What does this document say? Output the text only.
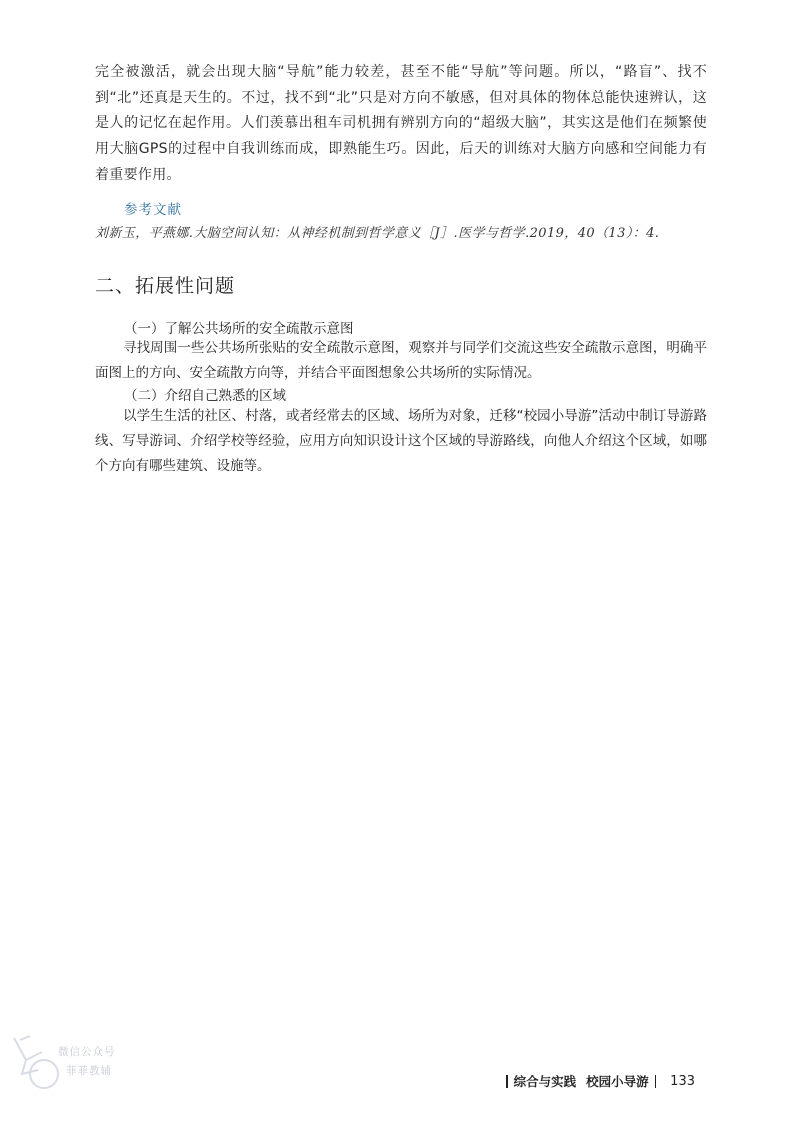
完全被激活，就会出现大脑“导航”能力较差，甚至不能“导航”等问题。所以，“路盲”、找不到“北”还真是天生的。不过，找不到“北”只是对方向不敏感，但对具体的物体总能快速辨认，这是人的记忆在起作用。人们羡慕出租车司机拥有辨别方向的“超级大脑”，其实这是他们在频繁使用大脑GPS的过程中自我训练而成，即熟能生巧。因此，后天的训练对大脑方向感和空间能力有着重要作用。

参考文献
刘新玉，平燕娜.大脑空间认知：从神经机制到哲学意义［J］.医学与哲学.2019，40（13）：4.
二、拓展性问题
（一）了解公共场所的安全疏散示意图

寻找周围一些公共场所张贴的安全疏散示意图，观察并与同学们交流这些安全疏散示意图，明确平面图上的方向、安全疏散方向等，并结合平面图想象公共场所的实际情况。

（二）介绍自己熟悉的区域

以学生生活的社区、村落，或者经常去的区域、场所为对象，迁移“校园小导游”活动中制订导游路线、写导游词、介绍学校等经验，应用方向知识设计这个区域的导游路线，向他人介绍这个区域，如哪个方向有哪些建筑、设施等。

微信公众号
菲菲教辅
综合与实践 校园小导游 133
